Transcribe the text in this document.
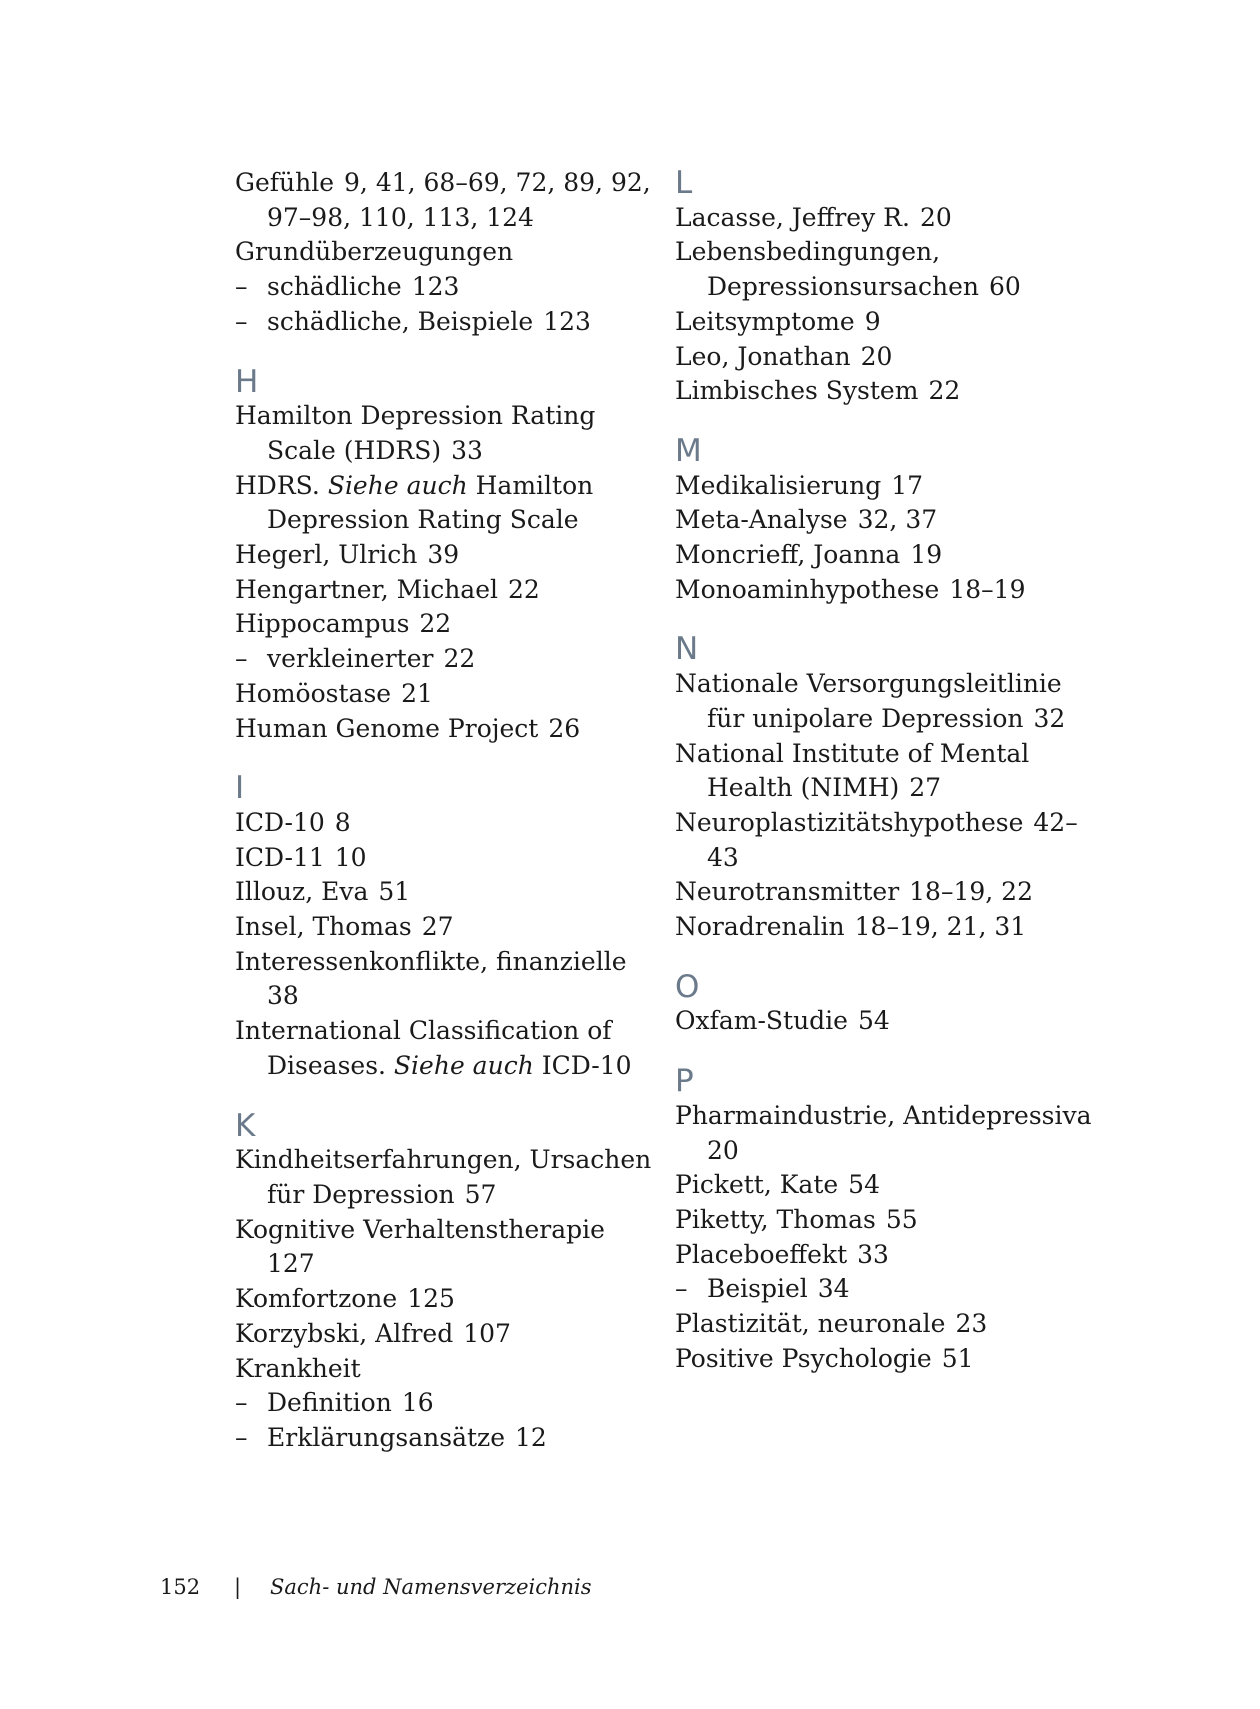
Gefühle 9, 41, 68–69, 72, 89, 92,
97–98, 110, 113, 124
Grundüberzeugungen
– schädliche 123
– schädliche, Beispiele 123
H
Hamilton Depression Rating
Scale (HDRS) 33
HDRS. Siehe auch Hamilton
Depression Rating Scale
Hegerl, Ulrich 39
Hengartner, Michael 22
Hippocampus 22
– verkleinerter 22
Homöostase 21
Human Genome Project 26
I
ICD-10 8
ICD-11 10
Illouz, Eva 51
Insel, Thomas 27
Interessenkonflikte, finanzielle
38
International Classification of
Diseases. Siehe auch ICD-10
K
Kindheitserfahrungen, Ursachen
für Depression 57
Kognitive Verhaltenstherapie
127
Komfortzone 125
Korzybski, Alfred 107
Krankheit
– Definition 16
– Erklärungsansätze 12
L
Lacasse, Jeffrey R. 20
Lebensbedingungen,
Depressionsursachen 60
Leitsymptome 9
Leo, Jonathan 20
Limbisches System 22
M
Medikalisierung 17
Meta-Analyse 32, 37
Moncrieff, Joanna 19
Monoaminhypothese 18–19
N
Nationale Versorgungsleitlinie
für unipolare Depression 32
National Institute of Mental
Health (NIMH) 27
Neuroplastizitätshypothese 42–
43
Neurotransmitter 18–19, 22
Noradrenalin 18–19, 21, 31
O
Oxfam-Studie 54
P
Pharmaindustrie, Antidepressiva
20
Pickett, Kate 54
Piketty, Thomas 55
Placeboeffekt 33
– Beispiel 34
Plastizität, neuronale 23
Positive Psychologie 51
152 | Sach- und Namensverzeichnis
